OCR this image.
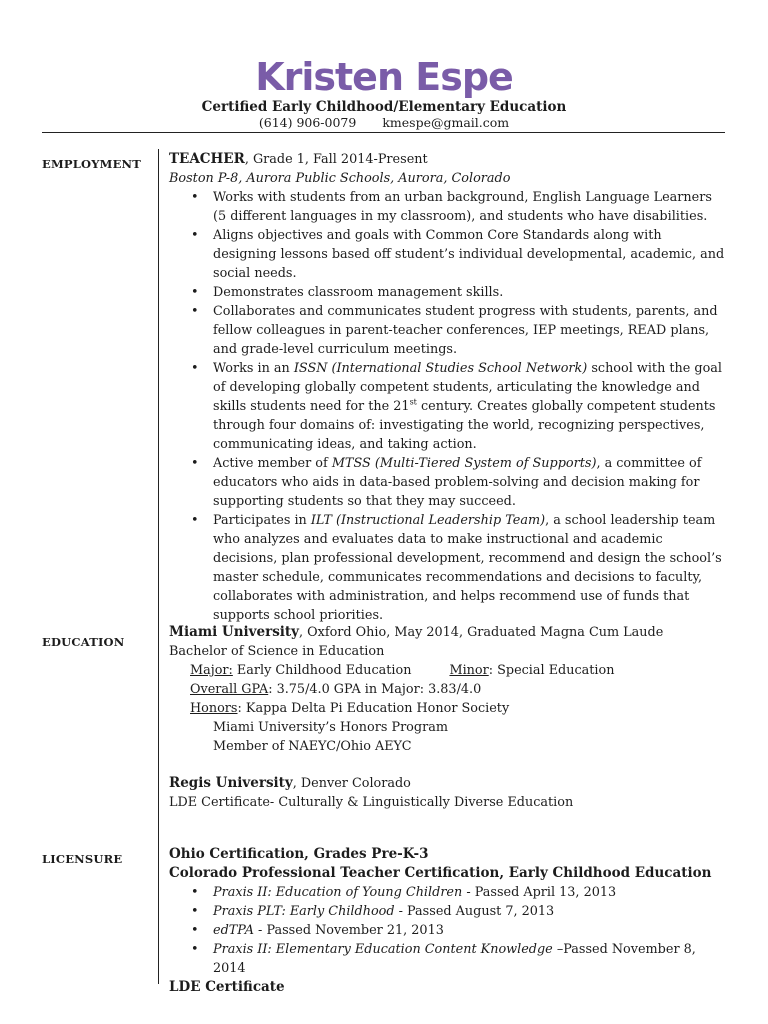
Kristen Espe
Certified Early Childhood/Elementary Education
(614) 906-0079 kmespe@gmail.com
EMPLOYMENT TEACHER, Grade 1, Fall 2014-Present

Boston P-8, Aurora Public Schools, Aurora, Colorado

• Works with students from an urban background, English Language Learners (5 different languages in my classroom), and students who have disabilities.
• Aligns objectives and goals with Common Core Standards along with designing lessons based off student’s individual developmental, academic, and social needs.
• Demonstrates classroom management skills.
• Collaborates and communicates student progress with students, parents, and fellow colleagues in parent-teacher conferences, IEP meetings, READ plans, and grade-level curriculum meetings.
• Works in an ISSN (International Studies School Network) school with the goal of developing globally competent students, articulating the knowledge and skills students need for the 21st century. Creates globally competent students through four domains of: investigating the world, recognizing perspectives, communicating ideas, and taking action.
• Active member of MTSS (Multi-Tiered System of Supports), a committee of educators who aids in data-based problem-solving and decision making for supporting students so that they may succeed.
• Participates in ILT (Instructional Leadership Team), a school leadership team who analyzes and evaluates data to make instructional and academic decisions, plan professional development, recommend and design the school’s master schedule, communicates recommendations and decisions to faculty, collaborates with administration, and helps recommend use of funds that supports school priorities.
EDUCATION

Miami University, Oxford Ohio, May 2014, Graduated Magna Cum Laude

Bachelor of Science in Education

Major: Early Childhood Education	Minor: Special Education

Overall GPA: 3.75/4.0 GPA in Major: 3.83/4.0

Honors: Kappa Delta Pi Education Honor Society

Miami University’s Honors Program

Member of NAEYC/Ohio AEYC

Regis University, Denver Colorado

LDE Certificate- Culturally & Linguistically Diverse Education

LICENSURE	Ohio Certification, Grades Pre-K-3

Colorado Professional Teacher Certification, Early Childhood Education

• Praxis II: Education of Young Children - Passed April 13, 2013
• Praxis PLT: Early Childhood - Passed August 7, 2013
• edTPA - Passed November 21, 2013
• Praxis II: Elementary Education Content Knowledge –Passed November 8, 2014

LDE Certificate
